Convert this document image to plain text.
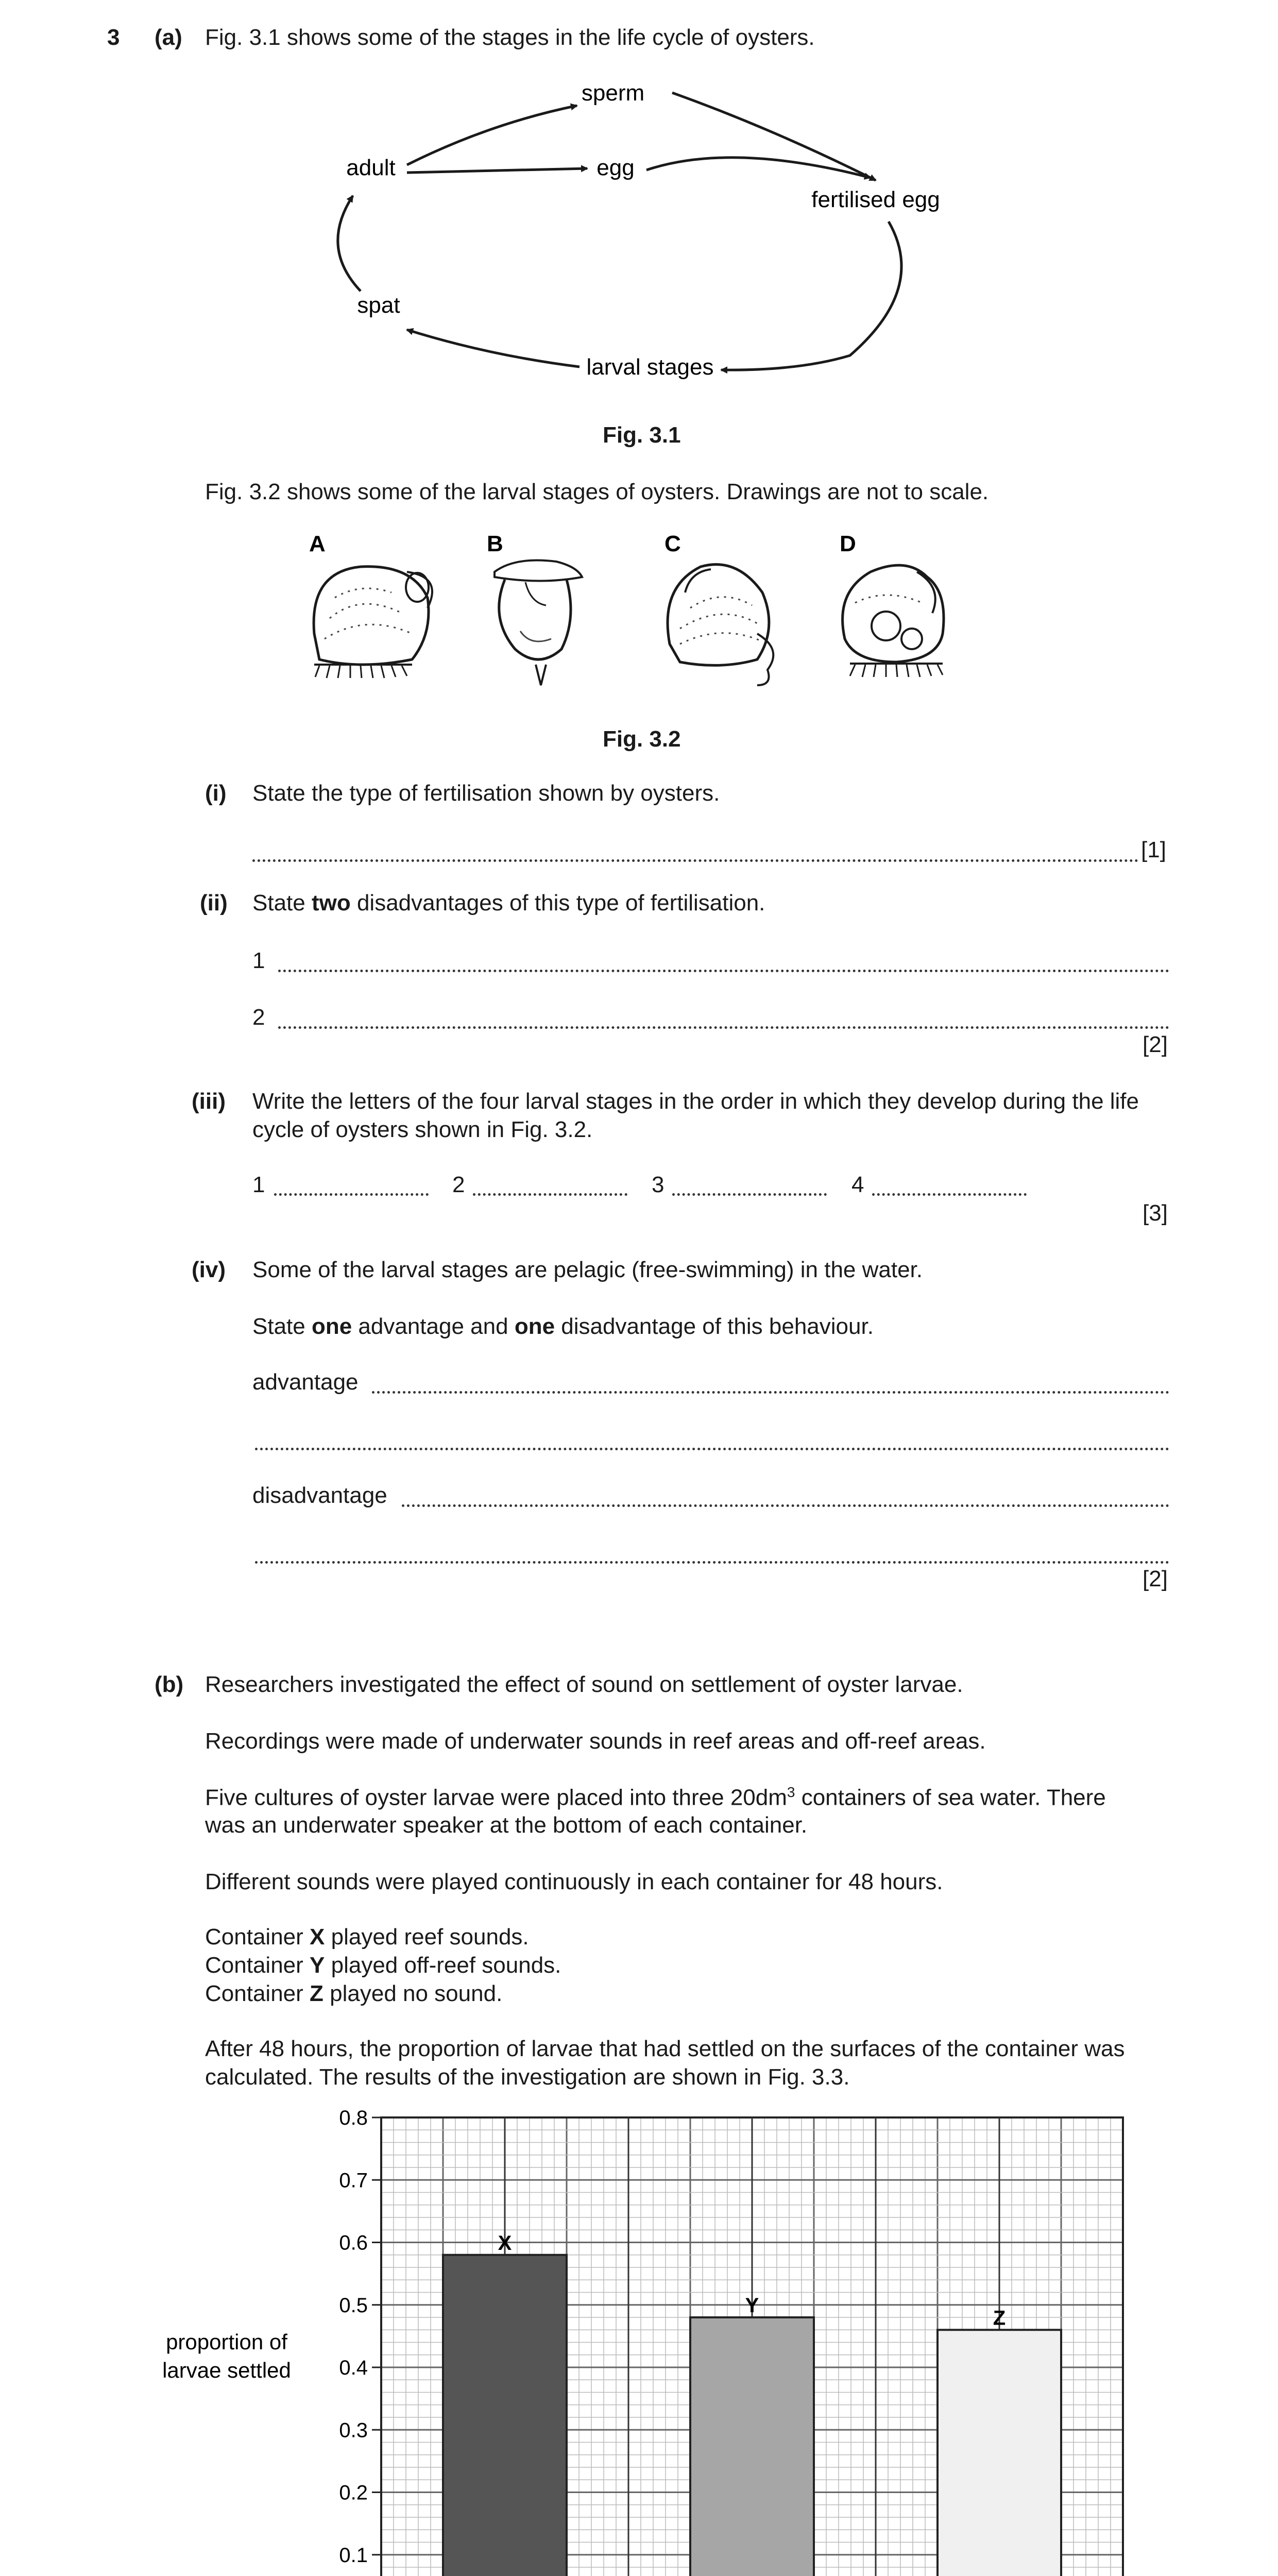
3 (a) Fig. 3.1 shows some of the stages in the life cycle of oysters.
sperm
adult	egg
fertilised egg
spat
larval stages
Fig. 3.1
Fig. 3.2 shows some of the larval stages of oysters. Drawings are not to scale.
A	B	C	D
Fig. 3.2
(i) State the type of fertilisation shown by oysters.
[1]
(ii) State two disadvantages of this type of fertilisation.
1
2
[2]
(iii) Write the letters of the four larval stages in the order in which they develop during the life
cycle of oysters shown in Fig. 3.2.
1	2	3	4
[3]
(iv) Some of the larval stages are pelagic (free-swimming) in the water.
State one advantage and one disadvantage of this behaviour.
advantage
disadvantage
[2]
(b) Researchers investigated the effect of sound on settlement of oyster larvae.
Recordings were made of underwater sounds in reef areas and off-reef areas.
Five cultures of oyster larvae were placed into three $20dm^3$ containers of sea water. There
was an underwater speaker at the bottom of each container.
Different sounds were played continuously in each container for 48 hours.
Container X played reef sounds.
Container Y played off-reef sounds.
Container Z played no sound.
After 48 hours, the proportion of larvae that had settled on the surfaces of the container was
calculated. The results of the investigation are shown in Fig. 3.3.
X
Y
Z
0.1
0.2
0.3
0.4
0.5
0.6
0.7
0.8
proportion of
larvae settled
